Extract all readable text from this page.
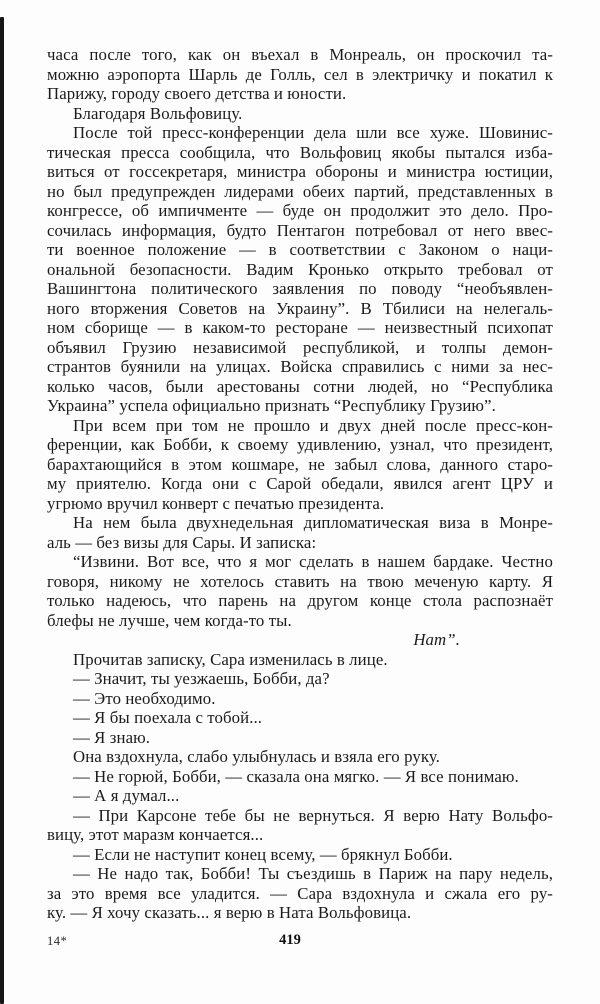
часа после того, как он въехал в Монреаль, он проскочил та-
можню аэропорта Шарль де Голль, сел в электричку и покатил к
Парижу, городу своего детства и юности.
Благодаря Вольфовицу.
После той пресс-конференции дела шли все хуже. Шовинис-
тическая пресса сообщила, что Вольфовиц якобы пытался изба-
виться от госсекретаря, министра обороны и министра юстиции,
но был предупрежден лидерами обеих партий, представленных в
конгрессе, об импичменте — буде он продолжит это дело. Про-
сочилась информация, будто Пентагон потребовал от него ввес-
ти военное положение — в соответствии с Законом о наци-
ональной безопасности. Вадим Кронько открыто требовал от
Вашингтона политического заявления по поводу “необъявлен-
ного вторжения Советов на Украину”. В Тбилиси на нелегаль-
ном сборище — в каком-то ресторане — неизвестный психопат
объявил Грузию независимой республикой, и толпы демон-
странтов буянили на улицах. Войска справились с ними за нес-
колько часов, были арестованы сотни людей, но “Республика
Украина” успела официально признать “Республику Грузию”.
При всем при том не прошло и двух дней после пресс-кон-
ференции, как Бобби, к своему удивлению, узнал, что президент,
барахтающийся в этом кошмаре, не забыл слова, данного старо-
му приятелю. Когда они с Сарой обедали, явился агент ЦРУ и
угрюмо вручил конверт с печатью президента.
На нем была двухнедельная дипломатическая виза в Монре-
аль — без визы для Сары. И записка:
“Извини. Вот все, что я мог сделать в нашем бардаке. Честно
говоря, никому не хотелось ставить на твою меченую карту. Я
только надеюсь, что парень на другом конце стола распознаёт
блефы не лучше, чем когда-то ты.
Нат”.
Прочитав записку, Сара изменилась в лице.
— Значит, ты уезжаешь, Бобби, да?
— Это необходимо.
— Я бы поехала с тобой...
— Я знаю.
Она вздохнула, слабо улыбнулась и взяла его руку.
— Не горюй, Бобби, — сказала она мягко. — Я все понимаю.
— А я думал...
— При Карсоне тебе бы не вернуться. Я верю Нату Вольфо-
вицу, этот маразм кончается...
— Если не наступит конец всему, — брякнул Бобби.
— Не надо так, Бобби! Ты съездишь в Париж на пару недель,
за это время все уладится. — Сара вздохнула и сжала его ру-
ку. — Я хочу сказать... я верю в Ната Вольфовица.
14*	419
